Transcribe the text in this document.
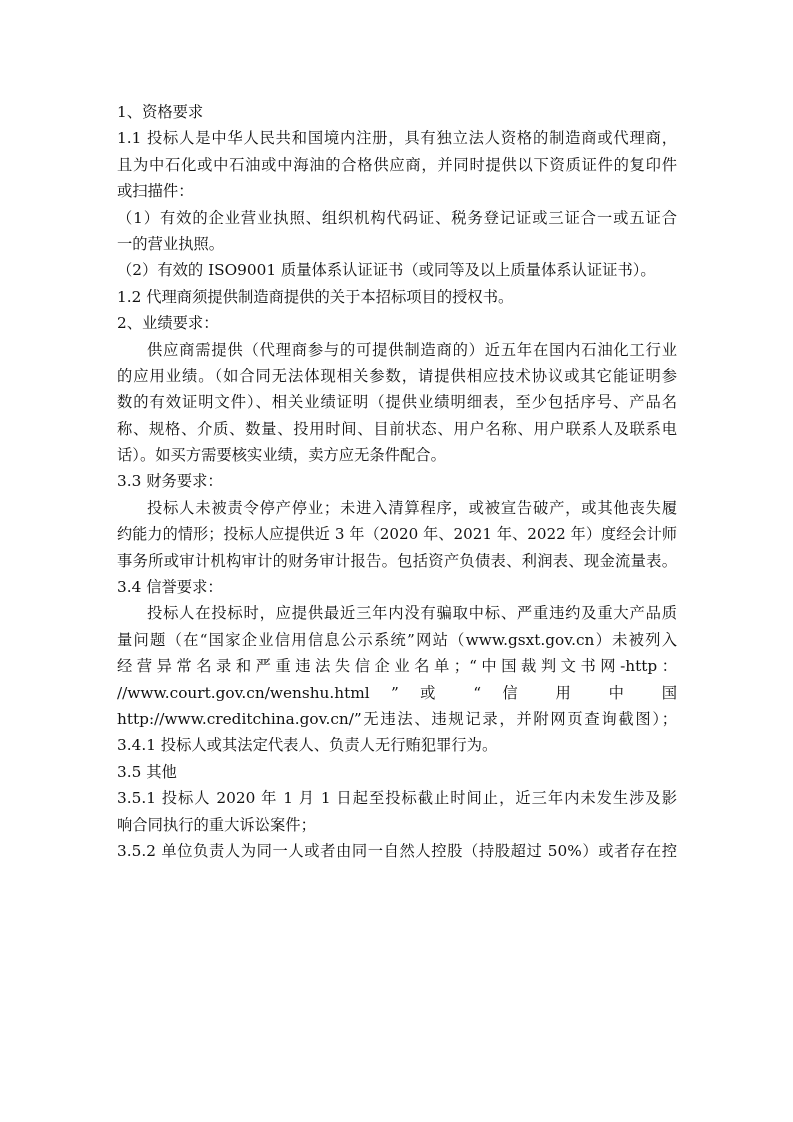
1、资格要求
1.1 投标人是中华人民共和国境内注册，具有独立法人资格的制造商或代理商，
且为中石化或中石油或中海油的合格供应商，并同时提供以下资质证件的复印件
或扫描件：
（1）有效的企业营业执照、组织机构代码证、税务登记证或三证合一或五证合
一的营业执照。
（2）有效的 ISO9001 质量体系认证证书（或同等及以上质量体系认证证书）。
1.2 代理商须提供制造商提供的关于本招标项目的授权书。
2、业绩要求：
供应商需提供（代理商参与的可提供制造商的）近五年在国内石油化工行业
的应用业绩。（如合同无法体现相关参数，请提供相应技术协议或其它能证明参
数的有效证明文件）、相关业绩证明（提供业绩明细表，至少包括序号、产品名
称、规格、介质、数量、投用时间、目前状态、用户名称、用户联系人及联系电
话）。如买方需要核实业绩，卖方应无条件配合。
3.3 财务要求：
投标人未被责令停产停业；未进入清算程序，或被宣告破产，或其他丧失履
约能力的情形；投标人应提供近 3 年（2020 年、2021 年、2022 年）度经会计师
事务所或审计机构审计的财务审计报告。包括资产负债表、利润表、现金流量表。
3.4 信誉要求：
投标人在投标时，应提供最近三年内没有骗取中标、严重违约及重大产品质
量问题（在“国家企业信用信息公示系统”网站（www.gsxt.gov.cn）未被列入
经营异常名录和严重违法失信企业名单；“中国裁判文书网-http：
//www.court.gov.cn/wenshu.html ” 或 “ 信 用 中 国
http://www.creditchina.gov.cn/”无违法、违规记录，并附网页查询截图）；
3.4.1 投标人或其法定代表人、负责人无行贿犯罪行为。
3.5 其他
3.5.1 投标人 2020 年 1 月 1 日起至投标截止时间止，近三年内未发生涉及影
响合同执行的重大诉讼案件；
3.5.2 单位负责人为同一人或者由同一自然人控股（持股超过 50%）或者存在控
